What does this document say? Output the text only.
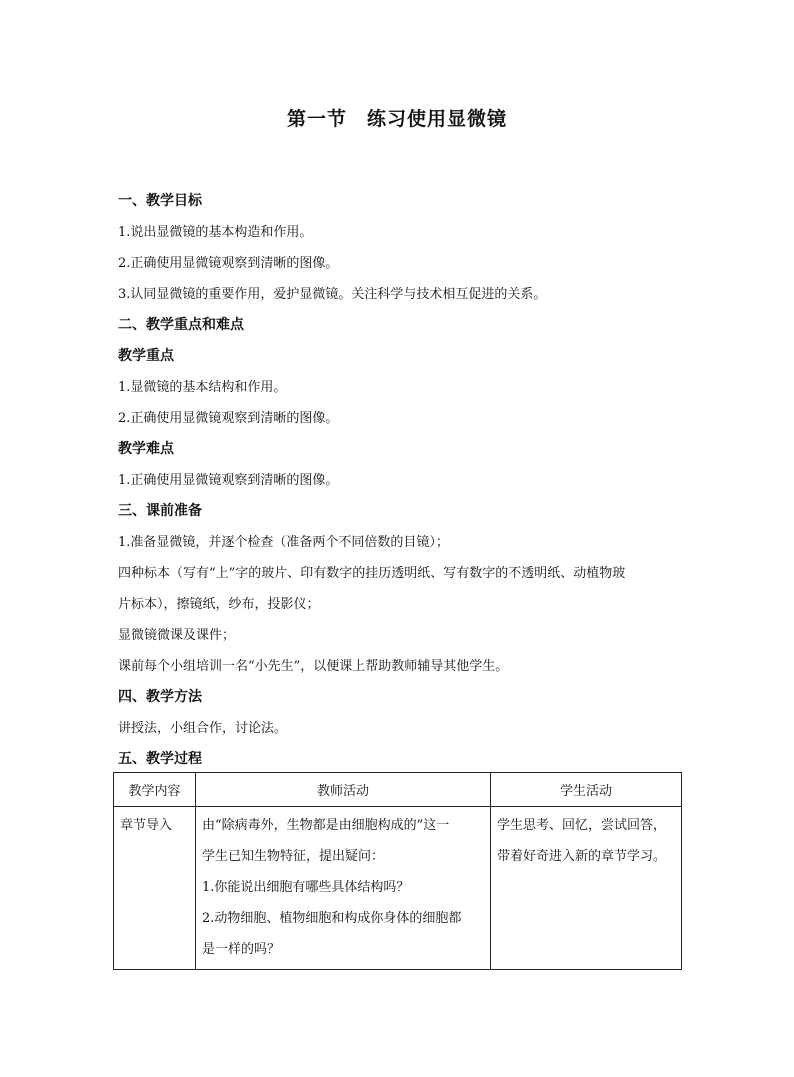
第一节　练习使用显微镜
一、教学目标
1.说出显微镜的基本构造和作用。
2.正确使用显微镜观察到清晰的图像。
3.认同显微镜的重要作用，爱护显微镜。关注科学与技术相互促进的关系。
二、教学重点和难点
教学重点
1.显微镜的基本结构和作用。
2.正确使用显微镜观察到清晰的图像。
教学难点
1.正确使用显微镜观察到清晰的图像。
三、课前准备
1.准备显微镜，并逐个检查（准备两个不同倍数的目镜）；
四种标本（写有“上”字的玻片、印有数字的挂历透明纸、写有数字的不透明纸、动植物玻
片标本），擦镜纸，纱布，投影仪；
显微镜微课及课件；
课前每个小组培训一名“小先生”，以便课上帮助教师辅导其他学生。
四、教学方法
讲授法，小组合作，讨论法。
五、教学过程
教学内容	教师活动	学生活动
章节导入	由“除病毒外，生物都是由细胞构成的”这一
学生已知生物特征，提出疑问：
1.你能说出细胞有哪些具体结构吗？
2.动物细胞、植物细胞和构成你身体的细胞都
是一样的吗？	学生思考、回忆，尝试回答，
带着好奇进入新的章节学习。
